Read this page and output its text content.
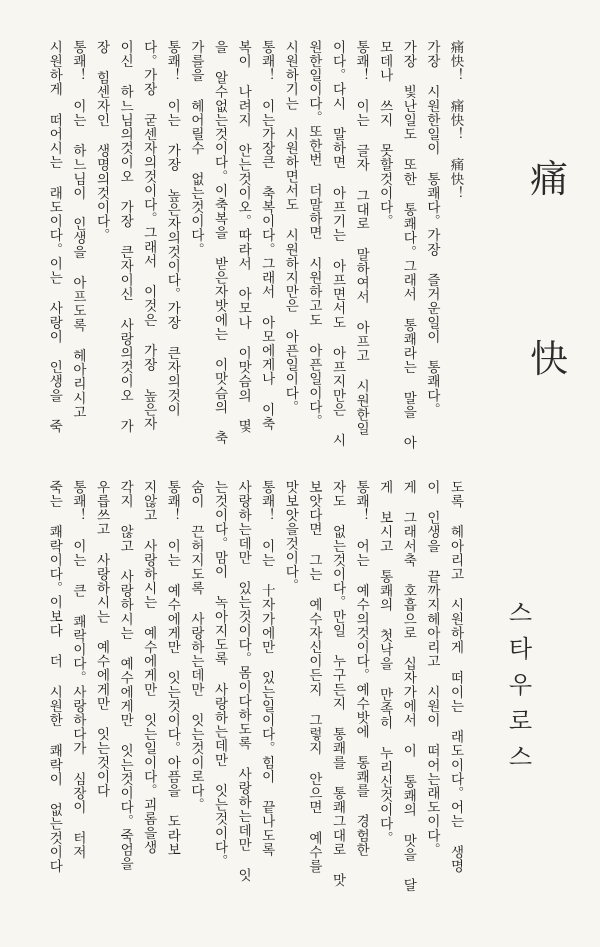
痛
快
스타우로스
痛快！ 痛快！ 痛快！
가장 시원한일이 통쾌다。가장 즐거운일이 통쾌다。
가장 빛난일도 또한 통쾌다。그래서 통쾌라는 말을 아
모데나 쓰지 못할것이다。
통쾌！ 이는 글자 그대로 말하여서 아프고 시원한일
이다。다시 말하면 아프기는 아프면서도 아프지만은 시
원한일이다。또한번 더말하면 시원하고도 아픈일이다。
시원하기는 시원하면서도 시원하지만은 아픈일이다。
통쾌！ 이는가장큰 축복이다。그래서 아모에게나 이축
복이 나려지 안는것이오。따라서 아모나 이맛슴의 몇
을 알수없는것이다。이축복을 받은자밧에는 이맛슴의 축
가를을 헤어릴수 없는것이다。
통쾌！ 이는 가장 높은자의것이다。가장 큰자의것이
다。가장 굳센자의것이다。그래서 이것은 가장 높은자
이신 하느님의것이오 가장 큰자이신 사랑의것이오 가
장 힘센자인 생명의것이다。
통쾌！ 이는 하느님이 인생을 아프도록 헤아리시고
시원하게 떠어시는 래도이다。이는 사랑이 인생을 죽
도록 헤아리고 시원하게 떠이는 래도이다。어는 생명
이 인생을 끝까지헤아리고 시원이 떠어는래도이다。
게 그래서축 호흡으로 십자가에서 이 통쾌의 맛을 달
게 보시고 통쾌의 첫낙을 만족히 누리신것이다。
통쾌！ 어는 예수의것이다。예수밧에 통쾌를 경험한
자도 없는것이다。만일 누구든지 통쾌를 통쾌그대로 맛
보앗다면 그는 예수자신이든지 그렇지 안으면 예수를
맛보앗을것이다。
통쾌！ 이는 十자가에만 있는일이다。힘이 끝나도록
사랑하는데만 있는것이다。몸이다하도록 사랑하는데만 잇
는것이다。맘이 녹아지도록 사랑하는데만 잇는것이다。
숨이 끈허지도록 사랑하는데만 잇는것이로다。
통쾌！ 이는 예수에게만 잇는것이다。아픔을 도라보
지않고 사랑하시는 예수에게만 잇는일이다。괴롬을생
각지 않고 사랑하시는 예수에게만 잇는것이다。죽엄을
우릅쓰고 사랑하시는 예수에게만 잇는것이다
통쾌！ 이는 큰 쾌락이다。사랑하다가 심장이 터저
죽는 쾌락이다。이보다 더 시원한 쾌락이 없는것이다
